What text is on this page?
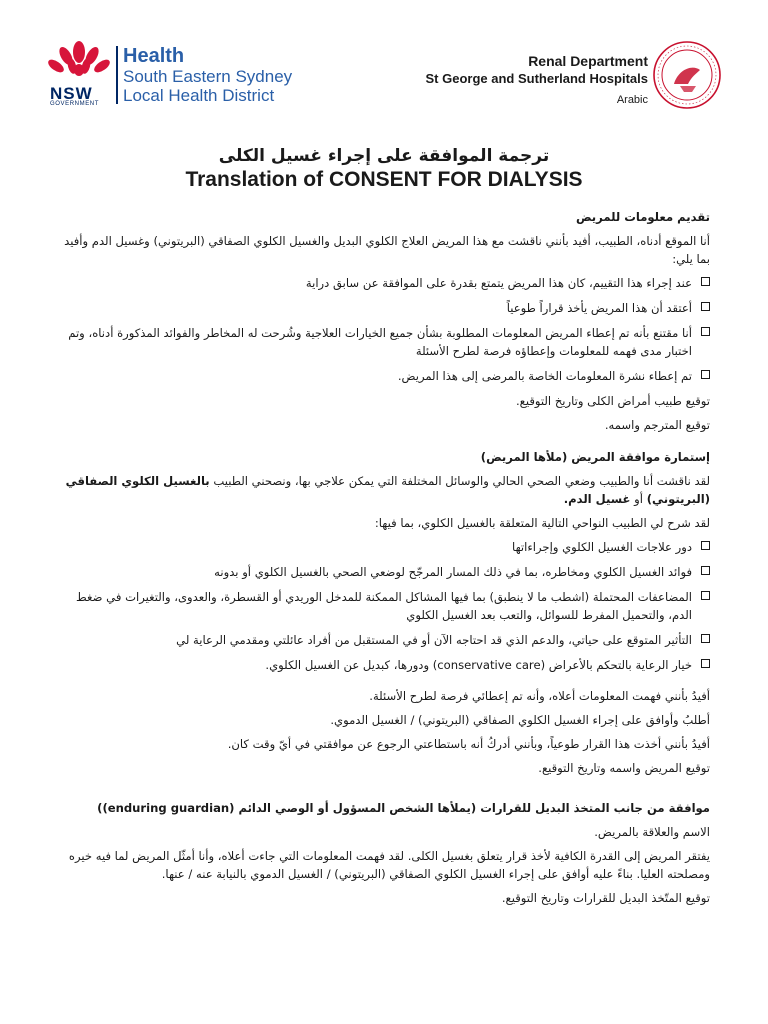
NSW
GOVERNMENT
Health
South Eastern Sydney
Local Health District
Renal Department
St George and Sutherland Hospitals
Arabic
ترجمة الموافقة على إجراء غسيل الكلى
Translation of CONSENT FOR DIALYSIS
تقديم معلومات للمريض
أنا الموقع أدناه، الطبيب، أفيد بأنني ناقشت مع هذا المريض العلاج الكلوي البديل والغسيل الكلوي الصفاقي (البريتوني) وغسيل الدم وأفيد بما يلي:
عند إجراء هذا التقييم، كان هذا المريض يتمتع بقدرة على الموافقة عن سابق دراية
أعتقد أن هذا المريض يأخذ قراراً طوعياً
أنا مقتنع بأنه تم إعطاء المريض المعلومات المطلوبة بشأن جميع الخيارات العلاجية وشُرحت له المخاطر والفوائد المذكورة أدناه، وتم اختبار مدى فهمه للمعلومات وإعطاؤه فرصة لطرح الأسئلة
تم إعطاء نشرة المعلومات الخاصة بالمرضى إلى هذا المريض.
توقيع طبيب أمراض الكلى وتاريخ التوقيع.
توقيع المترجم واسمه.
إستمارة موافقة المريض (ملأها المريض)
لقد ناقشت أنا والطبيب وضعي الصحي الحالي والوسائل المختلفة التي يمكن علاجي بها، ونصحني الطبيب بالغسيل الكلوي الصفاقي (البريتوني) أو غسيل الدم.
لقد شرح لي الطبيب النواحي التالية المتعلقة بالغسيل الكلوي، بما فيها:
دور علاجات الغسيل الكلوي وإجراءاتها
فوائد الغسيل الكلوي ومخاطره، بما في ذلك المسار المرجّح لوضعي الصحي بالغسيل الكلوي أو بدونه
المضاعفات المحتملة (اشطب ما لا ينطبق) بما فيها المشاكل الممكنة للمدخل الوريدي أو القسطرة، والعدوى، والتغيرات في ضغط الدم، والتحميل المفرط للسوائل، والتعب بعد الغسيل الكلوي
التأثير المتوقع على حياتي، والدعم الذي قد احتاجه الآن أو في المستقبل من أفراد عائلتي ومقدمي الرعاية لي
خيار الرعاية بالتحكم بالأعراض (conservative care) ودورها، كبديل عن الغسيل الكلوي.
أفيدُ بأنني فهمت المعلومات أعلاه، وأنه تم إعطائي فرصة لطرح الأسئلة.
أطلبُ وأوافق على إجراء الغسيل الكلوي الصفاقي (البريتوني) / الغسيل الدموي.
أفيدُ بأنني أخذت هذا القرار طوعياً، وبأنني أدركُ أنه باستطاعتي الرجوع عن موافقتي في أيّ وقت كان.
توقيع المريض واسمه وتاريخ التوقيع.
موافقة من جانب المتخذ البديل للقرارات (يملأها الشخص المسؤول أو الوصي الدائم (enduring guardian))
الاسم والعلاقة بالمريض.
يفتقر المريض إلى القدرة الكافية لأخذ قرار يتعلق بغسيل الكلى. لقد فهمت المعلومات التي جاءت أعلاه، وأنا أمثّل المريض لما فيه خيره ومصلحته العليا. بناءً عليه أوافق على إجراء الغسيل الكلوي الصفاقي (البريتوني) / الغسيل الدموي بالنيابة عنه / عنها.
توقيع المتّخذ البديل للقرارات وتاريخ التوقيع.
